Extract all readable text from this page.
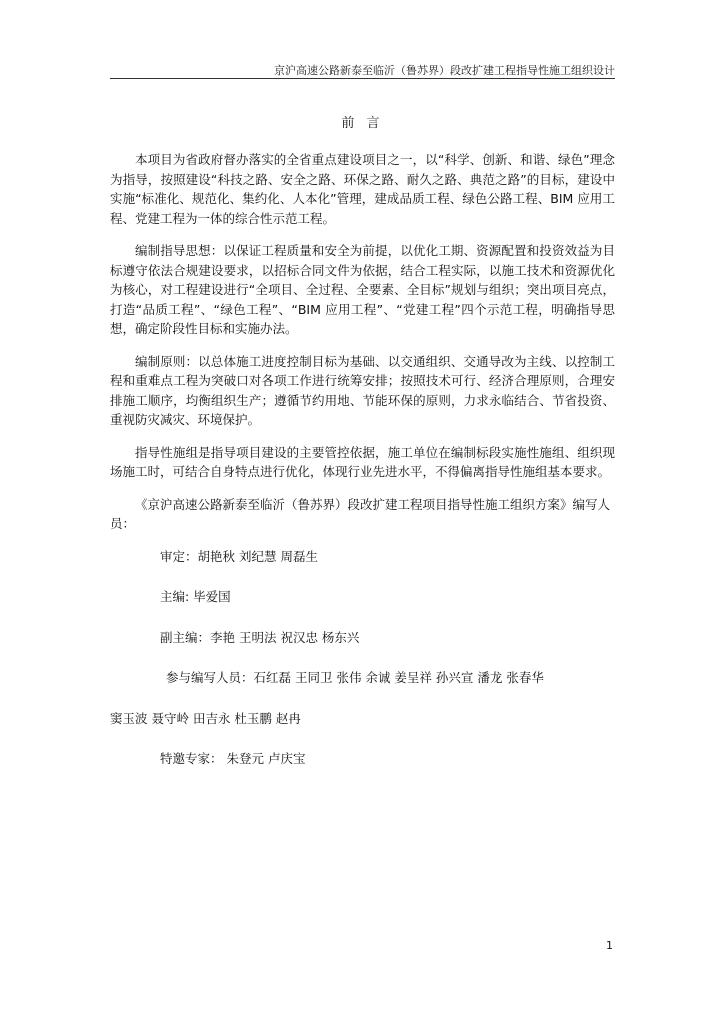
京沪高速公路新泰至临沂（鲁苏界）段改扩建工程指导性施工组织设计
前 言

本项目为省政府督办落实的全省重点建设项目之一，以“科学、创新、和谐、绿色”理念为指导，按照建设“科技之路、安全之路、环保之路、耐久之路、典范之路”的目标，建设中实施“标准化、规范化、集约化、人本化”管理，建成品质工程、绿色公路工程、BIM 应用工程、党建工程为一体的综合性示范工程。

编制指导思想：以保证工程质量和安全为前提，以优化工期、资源配置和投资效益为目标遵守依法合规建设要求，以招标合同文件为依据，结合工程实际，以施工技术和资源优化为核心，对工程建设进行“全项目、全过程、全要素、全目标”规划与组织；突出项目亮点，打造“品质工程”、“绿色工程”、“BIM 应用工程”、“党建工程”四个示范工程，明确指导思想，确定阶段性目标和实施办法。

编制原则：以总体施工进度控制目标为基础、以交通组织、交通导改为主线、以控制工程和重难点工程为突破口对各项工作进行统筹安排；按照技术可行、经济合理原则，合理安排施工顺序，均衡组织生产；遵循节约用地、节能环保的原则，力求永临结合、节省投资、重视防灾减灾、环境保护。

指导性施组是指导项目建设的主要管控依据，施工单位在编制标段实施性施组、组织现场施工时，可结合自身特点进行优化，体现行业先进水平，不得偏离指导性施组基本要求。

《京沪高速公路新泰至临沂（鲁苏界）段改扩建工程项目指导性施工组织方案》编写人员：

审定：胡艳秋 刘纪慧 周磊生
主编: 毕爱国
副主编：李艳 王明法 祝汉忠 杨东兴
参与编写人员：石红磊 王同卫 张伟 余诚 姜呈祥 孙兴宣 潘龙 张春华
窦玉波 聂守岭 田吉永 杜玉鹏 赵冉
特邀专家： 朱登元 卢庆宝
1
